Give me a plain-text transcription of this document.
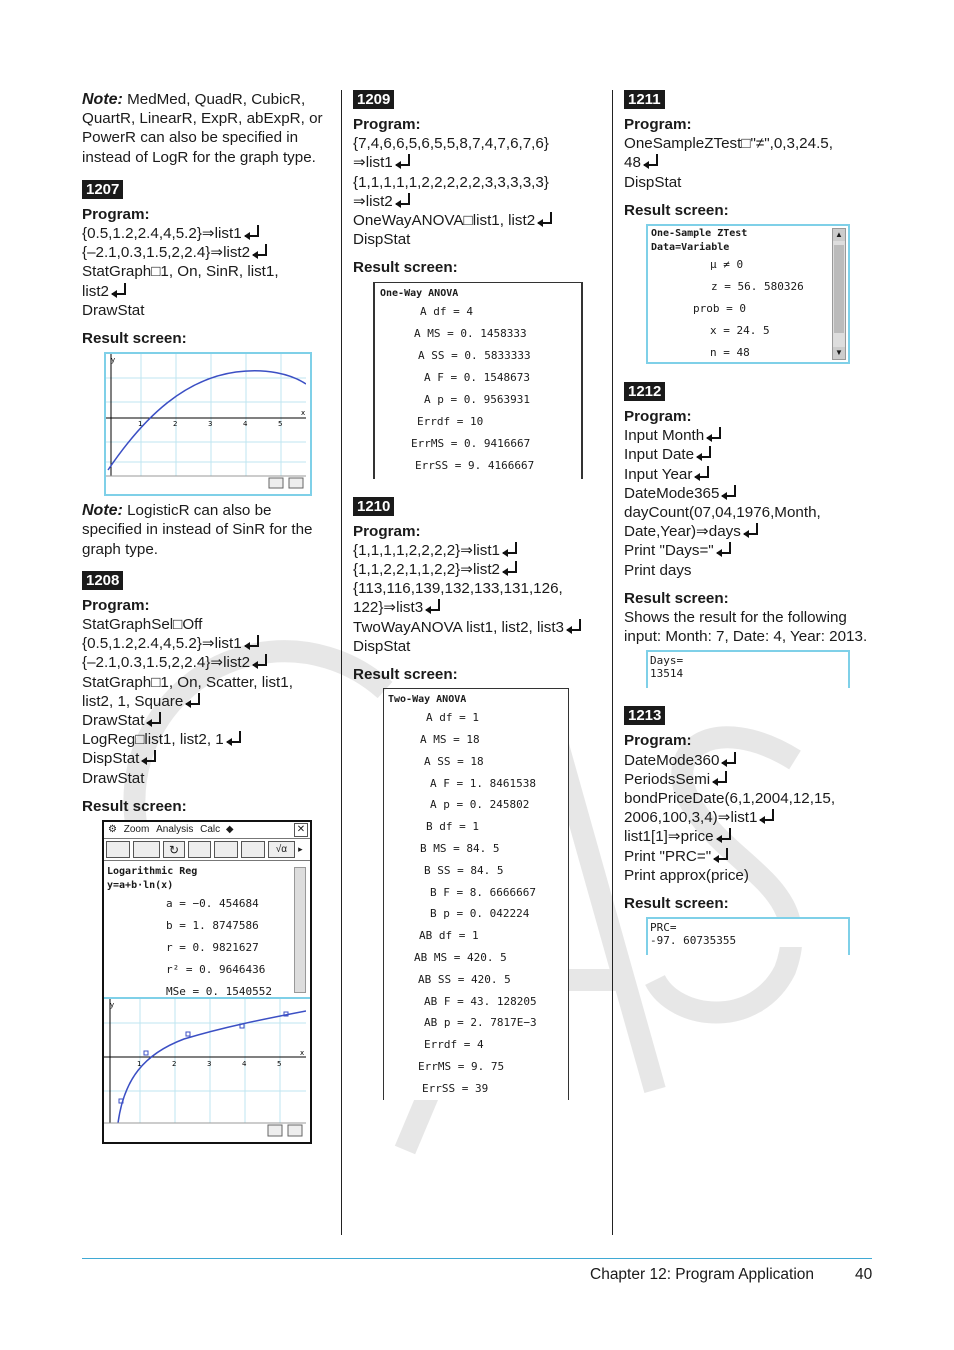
Note: MedMed, QuadR, CubicR, QuartR, LinearR, ExpR, abExpR, or PowerR can also be specified in instead of LogR for the graph type.
1207
Program:
{0.5,1.2,2.4,4,5.2}⇒list1
{–2.1,0.3,1.5,2,2.4}⇒list2
StatGraph□1, On, SinR, list1,
list2
DrawStat
Result screen:
y
x
1	2	3	4	5
Note: LogisticR can also be specified in instead of SinR for the graph type.
1208
Program:
StatGraphSel□Off
{0.5,1.2,2.4,4,5.2}⇒list1
{–2.1,0.3,1.5,2,2.4}⇒list2
StatGraph□1, On, Scatter, list1,
list2, 1, Square
DrawStat
LogReg□list1, list2, 1
DispStat
DrawStat
Result screen:
⚙ Zoom Analysis Calc ◆	✕
↻	√α	▸
Logarithmic Reg
y=a+b·ln(x)
a = −0. 454684
b = 1. 8747586
r = 0. 9821627
r² = 0. 9646436
MSe = 0. 1540552
y
x
1	2	3	4	5
1209
Program:
{7,4,6,6,5,6,5,5,8,7,4,7,6,7,6}
⇒list1
{1,1,1,1,1,2,2,2,2,2,3,3,3,3,3}
⇒list2
OneWayANOVA□list1, list2
DispStat
Result screen:
One-Way ANOVA
A df = 4
A MS = 0. 1458333
A SS = 0. 5833333
A F = 0. 1548673
A p = 0. 9563931
Errdf = 10
ErrMS = 0. 9416667
ErrSS = 9. 4166667
1210
Program:
{1,1,1,1,2,2,2,2}⇒list1
{1,1,2,2,1,1,2,2}⇒list2
{113,116,139,132,133,131,126,
122}⇒list3
TwoWayANOVA list1, list2, list3
DispStat
Result screen:
Two-Way ANOVA
A df = 1
A MS = 18
A SS = 18
A F = 1. 8461538
A p = 0. 245802
B df = 1
B MS = 84. 5
B SS = 84. 5
B F = 8. 6666667
B p = 0. 042224
AB df = 1
AB MS = 420. 5
AB SS = 420. 5
AB F = 43. 128205
AB p = 2. 7817E−3
Errdf = 4
ErrMS = 9. 75
ErrSS = 39
1211
Program:
OneSampleZTest□"≠",0,3,24.5,
48
DispStat
Result screen:
One-Sample ZTest
Data=Variable
μ ≠ 0
z = 56. 580326
prob = 0
x = 24. 5
n = 48
▲
▼
1212
Program:
Input Month
Input Date
Input Year
DateMode365
dayCount(07,04,1976,Month,
Date,Year)⇒days
Print "Days="
Print days
Result screen:
Shows the result for the following input: Month: 7, Date: 4, Year: 2013.
Days=
13514
1213
Program:
DateMode360
PeriodsSemi
bondPriceDate(6,1,2004,12,15,
2006,100,3,4)⇒list1
list1[1]⇒price
Print "PRC="
Print approx(price)
Result screen:
PRC=
-97. 60735355
Chapter 12: Program Application	40
